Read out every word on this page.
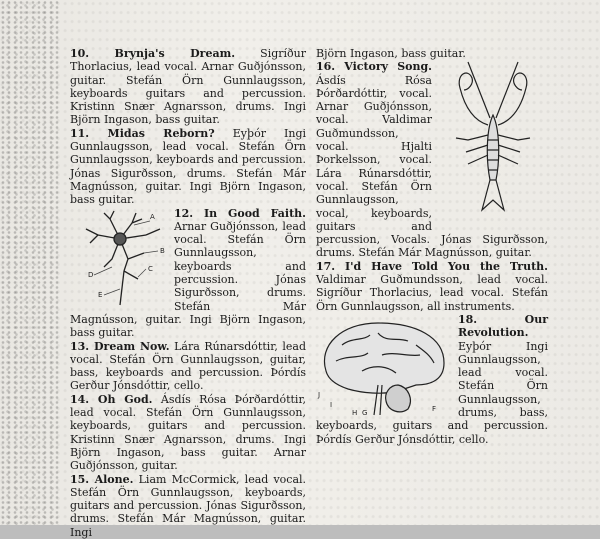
10. Brynja's Dream. Sigríður Thorlacius, lead vocal. Arnar Guðjónsson, guitar. Stefán Örn Gunnlaugsson, keyboards guitars and percussion. Kristinn Snær Agnarsson, drums. Ingi Björn Ingason, bass guitar.

11. Midas Reborn? Eyþór Ingi Gunnlaugsson, lead vocal. Stefán Örn Gunnlaugsson, keyboards and percussion. Jónas Sigurðsson, drums. Stefán Már Magnússon, guitar. Ingi Björn Ingason, bass guitar.

A
B
C
D
E

12. In Good Faith. Arnar Guðjónsson, lead vocal. Stefán Örn Gunnlaugsson, keyboards and percussion. Jónas Sigurðsson, drums. Stefán Már Magnússon, guitar. Ingi Björn Ingason, bass guitar.

13. Dream Now. Lára Rúnarsdóttir, lead vocal. Stefán Örn Gunnlaugsson, guitar, bass, keyboards and percussion. Þórdís Gerður Jónsdóttir, cello.

14. Oh God. Ásdís Rósa Þórðardóttir, lead vocal. Stefán Örn Gunnlaugsson, keyboards, guitars and percussion. Kristinn Snær Agnarsson, drums. Ingi Björn Ingason, bass guitar. Arnar Guðjónsson, guitar.

15. Alone. Liam McCormick, lead vocal. Stefán Örn Gunnlaugsson, keyboards, guitars and percussion. Jónas Sigurðsson, drums. Stefán Már Magnússon, guitar. Ingi

Björn Ingason, bass guitar.

16. Victory Song. Ásdís Rósa Þórðardóttir, vocal. Arnar Guðjónsson, vocal. Valdimar Guðmundsson, vocal. Hjalti Þorkelsson, vocal. Lára Rúnarsdóttir, vocal. Stefán Örn Gunnlaugsson, vocal, keyboards, guitars and percussion, Vocals. Jónas Sigurðsson, drums. Stefán Már Magnússon, guitar.

17. I'd Have Told You the Truth. Valdimar Guðmundsson, lead vocal. Sigríður Thorlacius, lead vocal. Stefán Örn Gunnlaugsson, all instruments.

G
H
I
J
F

18. Our Revolution. Eyþór Ingi Gunnlaugsson, lead vocal. Stefán Örn Gunnlaugsson, drums, bass, keyboards, guitars and percussion. Þórdís Gerður Jónsdóttir, cello.
